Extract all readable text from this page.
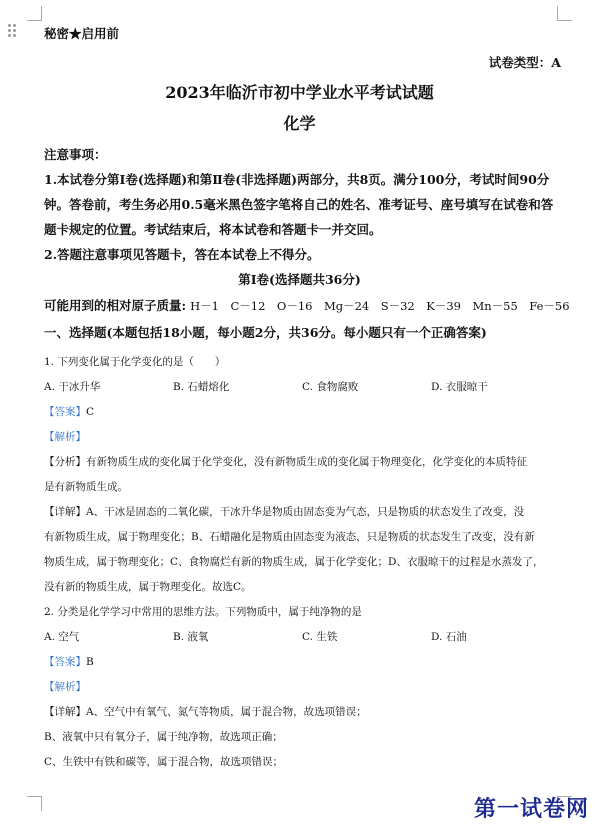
秘密★启用前
试卷类型：A
2023年临沂市初中学业水平考试试题
化学
注意事项：
1.本试卷分第Ⅰ卷(选择题)和第Ⅱ卷(非选择题)两部分，共8页。满分100分，考试时间90分
钟。答卷前，考生务必用0.5毫米黑色签字笔将自己的姓名、准考证号、座号填写在试卷和答
题卡规定的位置。考试结束后，将本试卷和答题卡一并交回。
2.答题注意事项见答题卡，答在本试卷上不得分。
第Ⅰ卷(选择题共36分)
可能用到的相对原子质量: H－1　C－12　O－16　Mg－24　S－32　K－39　Mn－55　Fe－56
一、选择题(本题包括18小题，每小题2分，共36分。每小题只有一个正确答案)
1. 下列变化属于化学变化的是（　　）
A. 干冰升华	B. 石蜡熔化	C. 食物腐败	D. 衣服晾干
【答案】C
【解析】
【分析】有新物质生成的变化属于化学变化，没有新物质生成的变化属于物理变化，化学变化的本质特征
是有新物质生成。
【详解】A、干冰是固态的二氧化碳，干冰升华是物质由固态变为气态，只是物质的状态发生了改变，没
有新物质生成，属于物理变化；B、石蜡融化是物质由固态变为液态，只是物质的状态发生了改变，没有新
物质生成，属于物理变化；C、食物腐烂有新的物质生成，属于化学变化；D、衣服晾干的过程是水蒸发了，
没有新的物质生成，属于物理变化。故选C。
2. 分类是化学学习中常用的思维方法。下列物质中，属于纯净物的是
A. 空气	B. 液氧	C. 生铁	D. 石油
【答案】B
【解析】
【详解】A、空气中有氧气、氮气等物质，属于混合物，故选项错误；
B、液氧中只有氧分子，属于纯净物，故选项正确；
C、生铁中有铁和碳等，属于混合物，故选项错误；
第一试卷网
